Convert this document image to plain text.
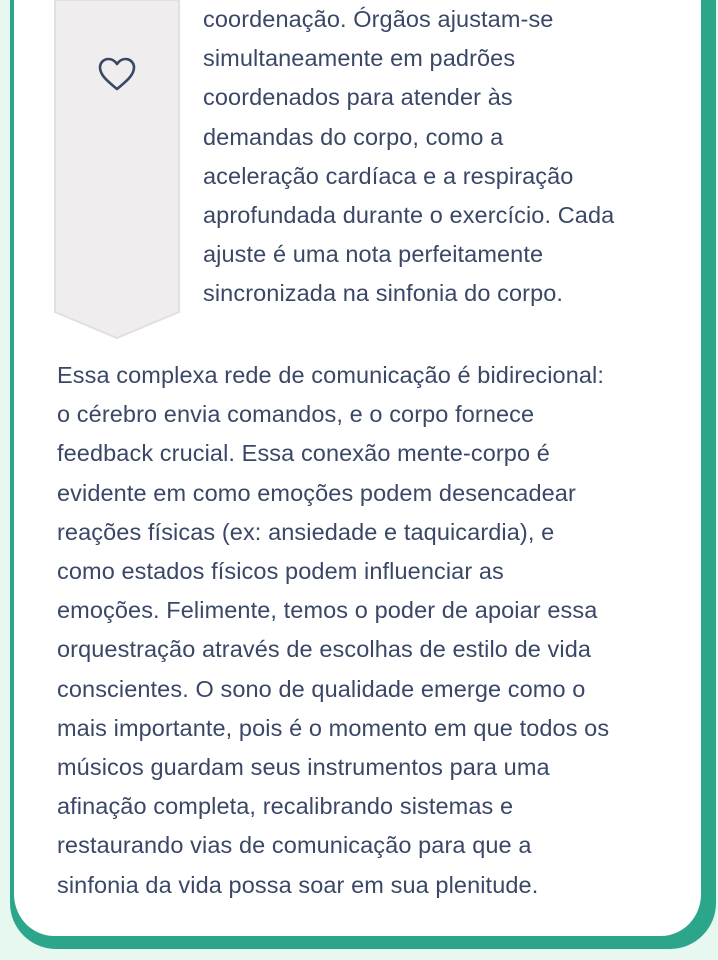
coordenação. Órgãos ajustam-se
simultaneamente em padrões
coordenados para atender às
demandas do corpo, como a
aceleração cardíaca e a respiração
aprofundada durante o exercício. Cada
ajuste é uma nota perfeitamente
sincronizada na sinfonia do corpo.
Essa complexa rede de comunicação é bidirecional:
o cérebro envia comandos, e o corpo fornece
feedback crucial. Essa conexão mente-corpo é
evidente em como emoções podem desencadear
reações físicas (ex: ansiedade e taquicardia), e
como estados físicos podem influenciar as
emoções. Felimente, temos o poder de apoiar essa
orquestração através de escolhas de estilo de vida
conscientes. O sono de qualidade emerge como o
mais importante, pois é o momento em que todos os
músicos guardam seus instrumentos para uma
afinação completa, recalibrando sistemas e
restaurando vias de comunicação para que a
sinfonia da vida possa soar em sua plenitude.
